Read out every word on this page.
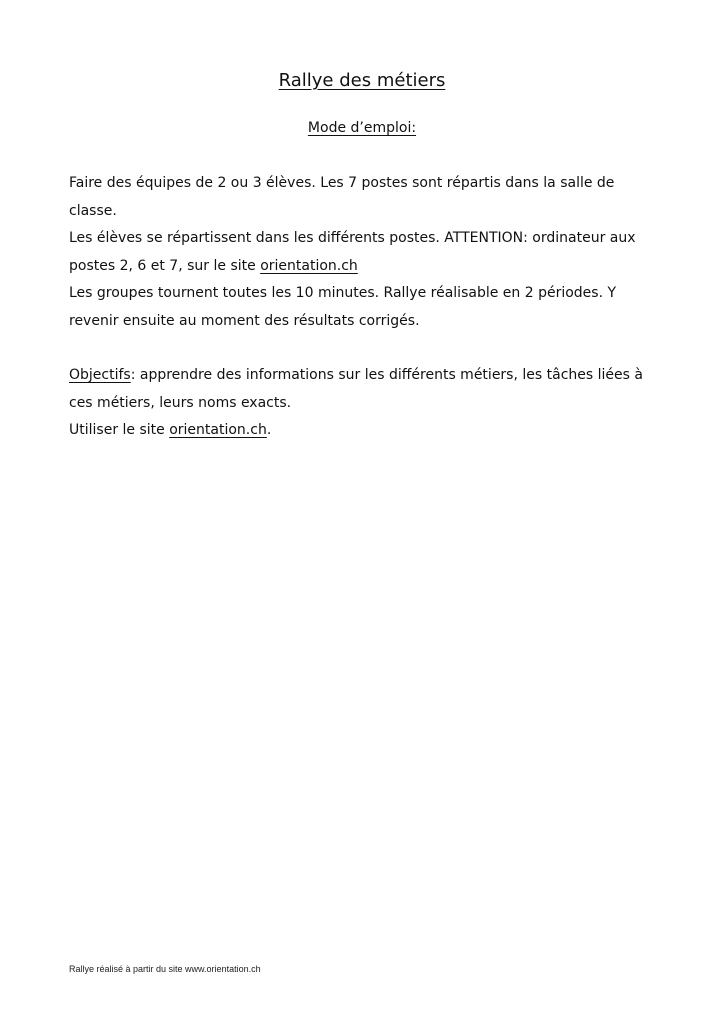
Rallye des métiers
Mode d’emploi:
Faire des équipes de 2 ou 3 élèves. Les 7 postes sont répartis dans la salle de
classe.
Les élèves se répartissent dans les différents postes. ATTENTION: ordinateur aux
postes 2, 6 et 7, sur le site orientation.ch
Les groupes tournent toutes les 10 minutes. Rallye réalisable en 2 périodes. Y
revenir ensuite au moment des résultats corrigés.
Objectifs: apprendre des informations sur les différents métiers, les tâches liées à
ces métiers, leurs noms exacts.
Utiliser le site orientation.ch.
Rallye réalisé à partir du site www.orientation.ch
